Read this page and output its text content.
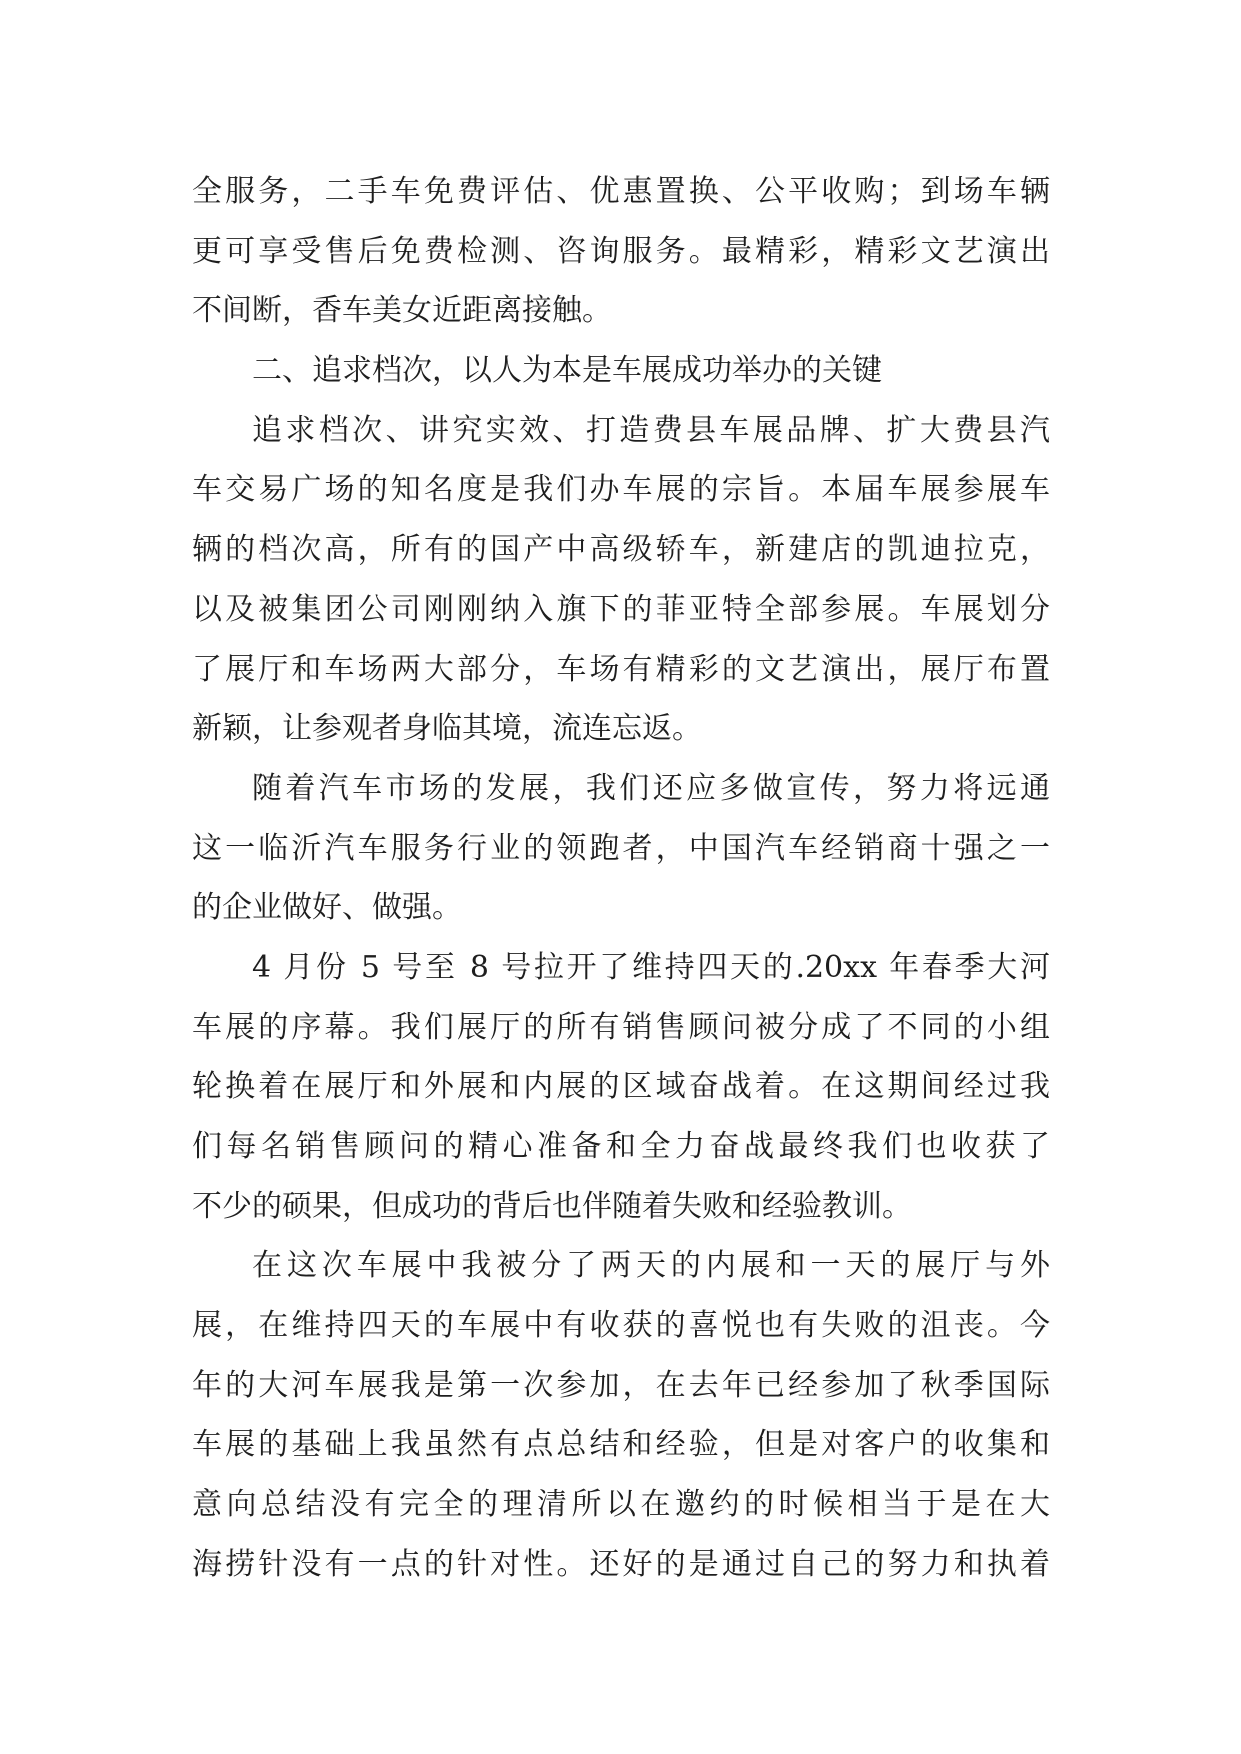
全服务，二手车免费评估、优惠置换、公平收购；到场车辆
更可享受售后免费检测、咨询服务。最精彩，精彩文艺演出
不间断，香车美女近距离接触。
二、追求档次，以人为本是车展成功举办的关键
追求档次、讲究实效、打造费县车展品牌、扩大费县汽
车交易广场的知名度是我们办车展的宗旨。本届车展参展车
辆的档次高，所有的国产中高级轿车，新建店的凯迪拉克，
以及被集团公司刚刚纳入旗下的菲亚特全部参展。车展划分
了展厅和车场两大部分，车场有精彩的文艺演出，展厅布置
新颖，让参观者身临其境，流连忘返。
随着汽车市场的发展，我们还应多做宣传，努力将远通
这一临沂汽车服务行业的领跑者，中国汽车经销商十强之一
的企业做好、做强。
4 月份 5 号至 8 号拉开了维持四天的.20xx 年春季大河
车展的序幕。我们展厅的所有销售顾问被分成了不同的小组
轮换着在展厅和外展和内展的区域奋战着。在这期间经过我
们每名销售顾问的精心准备和全力奋战最终我们也收获了
不少的硕果，但成功的背后也伴随着失败和经验教训。
在这次车展中我被分了两天的内展和一天的展厅与外
展，在维持四天的车展中有收获的喜悦也有失败的沮丧。今
年的大河车展我是第一次参加，在去年已经参加了秋季国际
车展的基础上我虽然有点总结和经验，但是对客户的收集和
意向总结没有完全的理清所以在邀约的时候相当于是在大
海捞针没有一点的针对性。还好的是通过自己的努力和执着
